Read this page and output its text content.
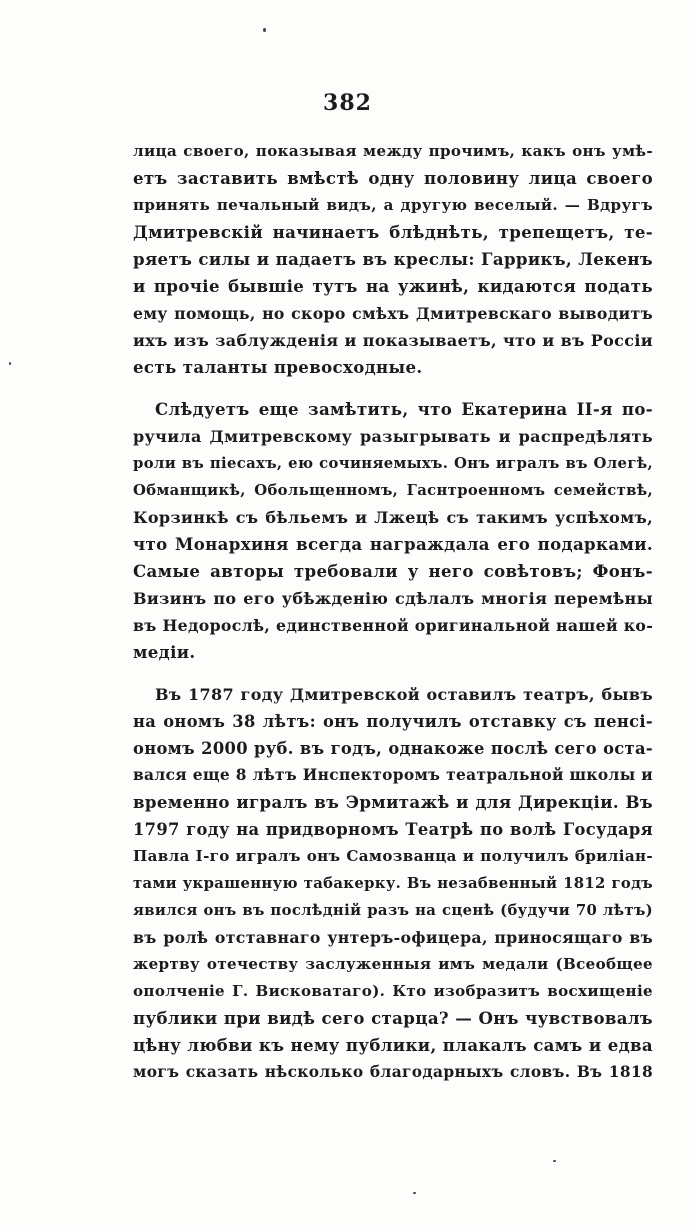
382
лица своего, показывая между прочимъ, какъ онъ умѣ-
етъ заставить вмѣстѣ одну половину лица своего
принять печальный видъ, а другую веселый. — Вдругъ
Дмитревскій начинаетъ блѣднѣть, трепещетъ, те-
ряетъ силы и падаетъ въ креслы: Гаррикъ, Лекенъ
и прочіе бывшіе тутъ на ужинѣ, кидаются подать
ему помощь, но скоро смѣхъ Дмитревскаго выводитъ
ихъ изъ заблужденія и показываетъ, что и въ Россіи
есть таланты превосходные.
Слѣдуетъ еще замѣтить, что Екатерина II-я по-
ручила Дмитревскому разыгрывать и распредѣлять
роли въ піесахъ, ею сочиняемыхъ. Онъ игралъ въ Олегѣ,
Обманщикѣ, Обольщенномъ, Гаснтроенномъ семействѣ,
Корзинкѣ съ бѣльемъ и Лжецѣ съ такимъ успѣхомъ,
что Монархиня всегда награждала его подарками.
Самые авторы требовали у него совѣтовъ; Фонъ-
Визинъ по его убѣжденію сдѣлалъ многія перемѣны
въ Недорослѣ, единственной оригинальной нашей ко-
медіи.
Въ 1787 году Дмитревской оставилъ театръ, бывъ
на ономъ 38 лѣтъ: онъ получилъ отставку съ пенсі-
ономъ 2000 руб. въ годъ, однакоже послѣ сего оста-
вался еще 8 лѣтъ Инспекторомъ театральной школы и
временно игралъ въ Эрмитажѣ и для Дирекціи. Въ
1797 году на придворномъ Театрѣ по волѣ Государя
Павла I-го игралъ онъ Самозванца и получилъ бриліан-
тами украшенную табакерку. Въ незабвенный 1812 годъ
явился онъ въ послѣдній разъ на сценѣ (будучи 70 лѣтъ)
въ ролѣ отставнаго унтеръ-офицера, приносящаго въ
жертву отечеству заслуженныя имъ медали (Всеобщее
ополченіе Г. Висковатаго). Кто изобразитъ восхищеніе
публики при видѣ сего старца? — Онъ чувствовалъ
цѣну любви къ нему публики, плакалъ самъ и едва
могъ сказать нѣсколько благодарныхъ словъ. Въ 1818
